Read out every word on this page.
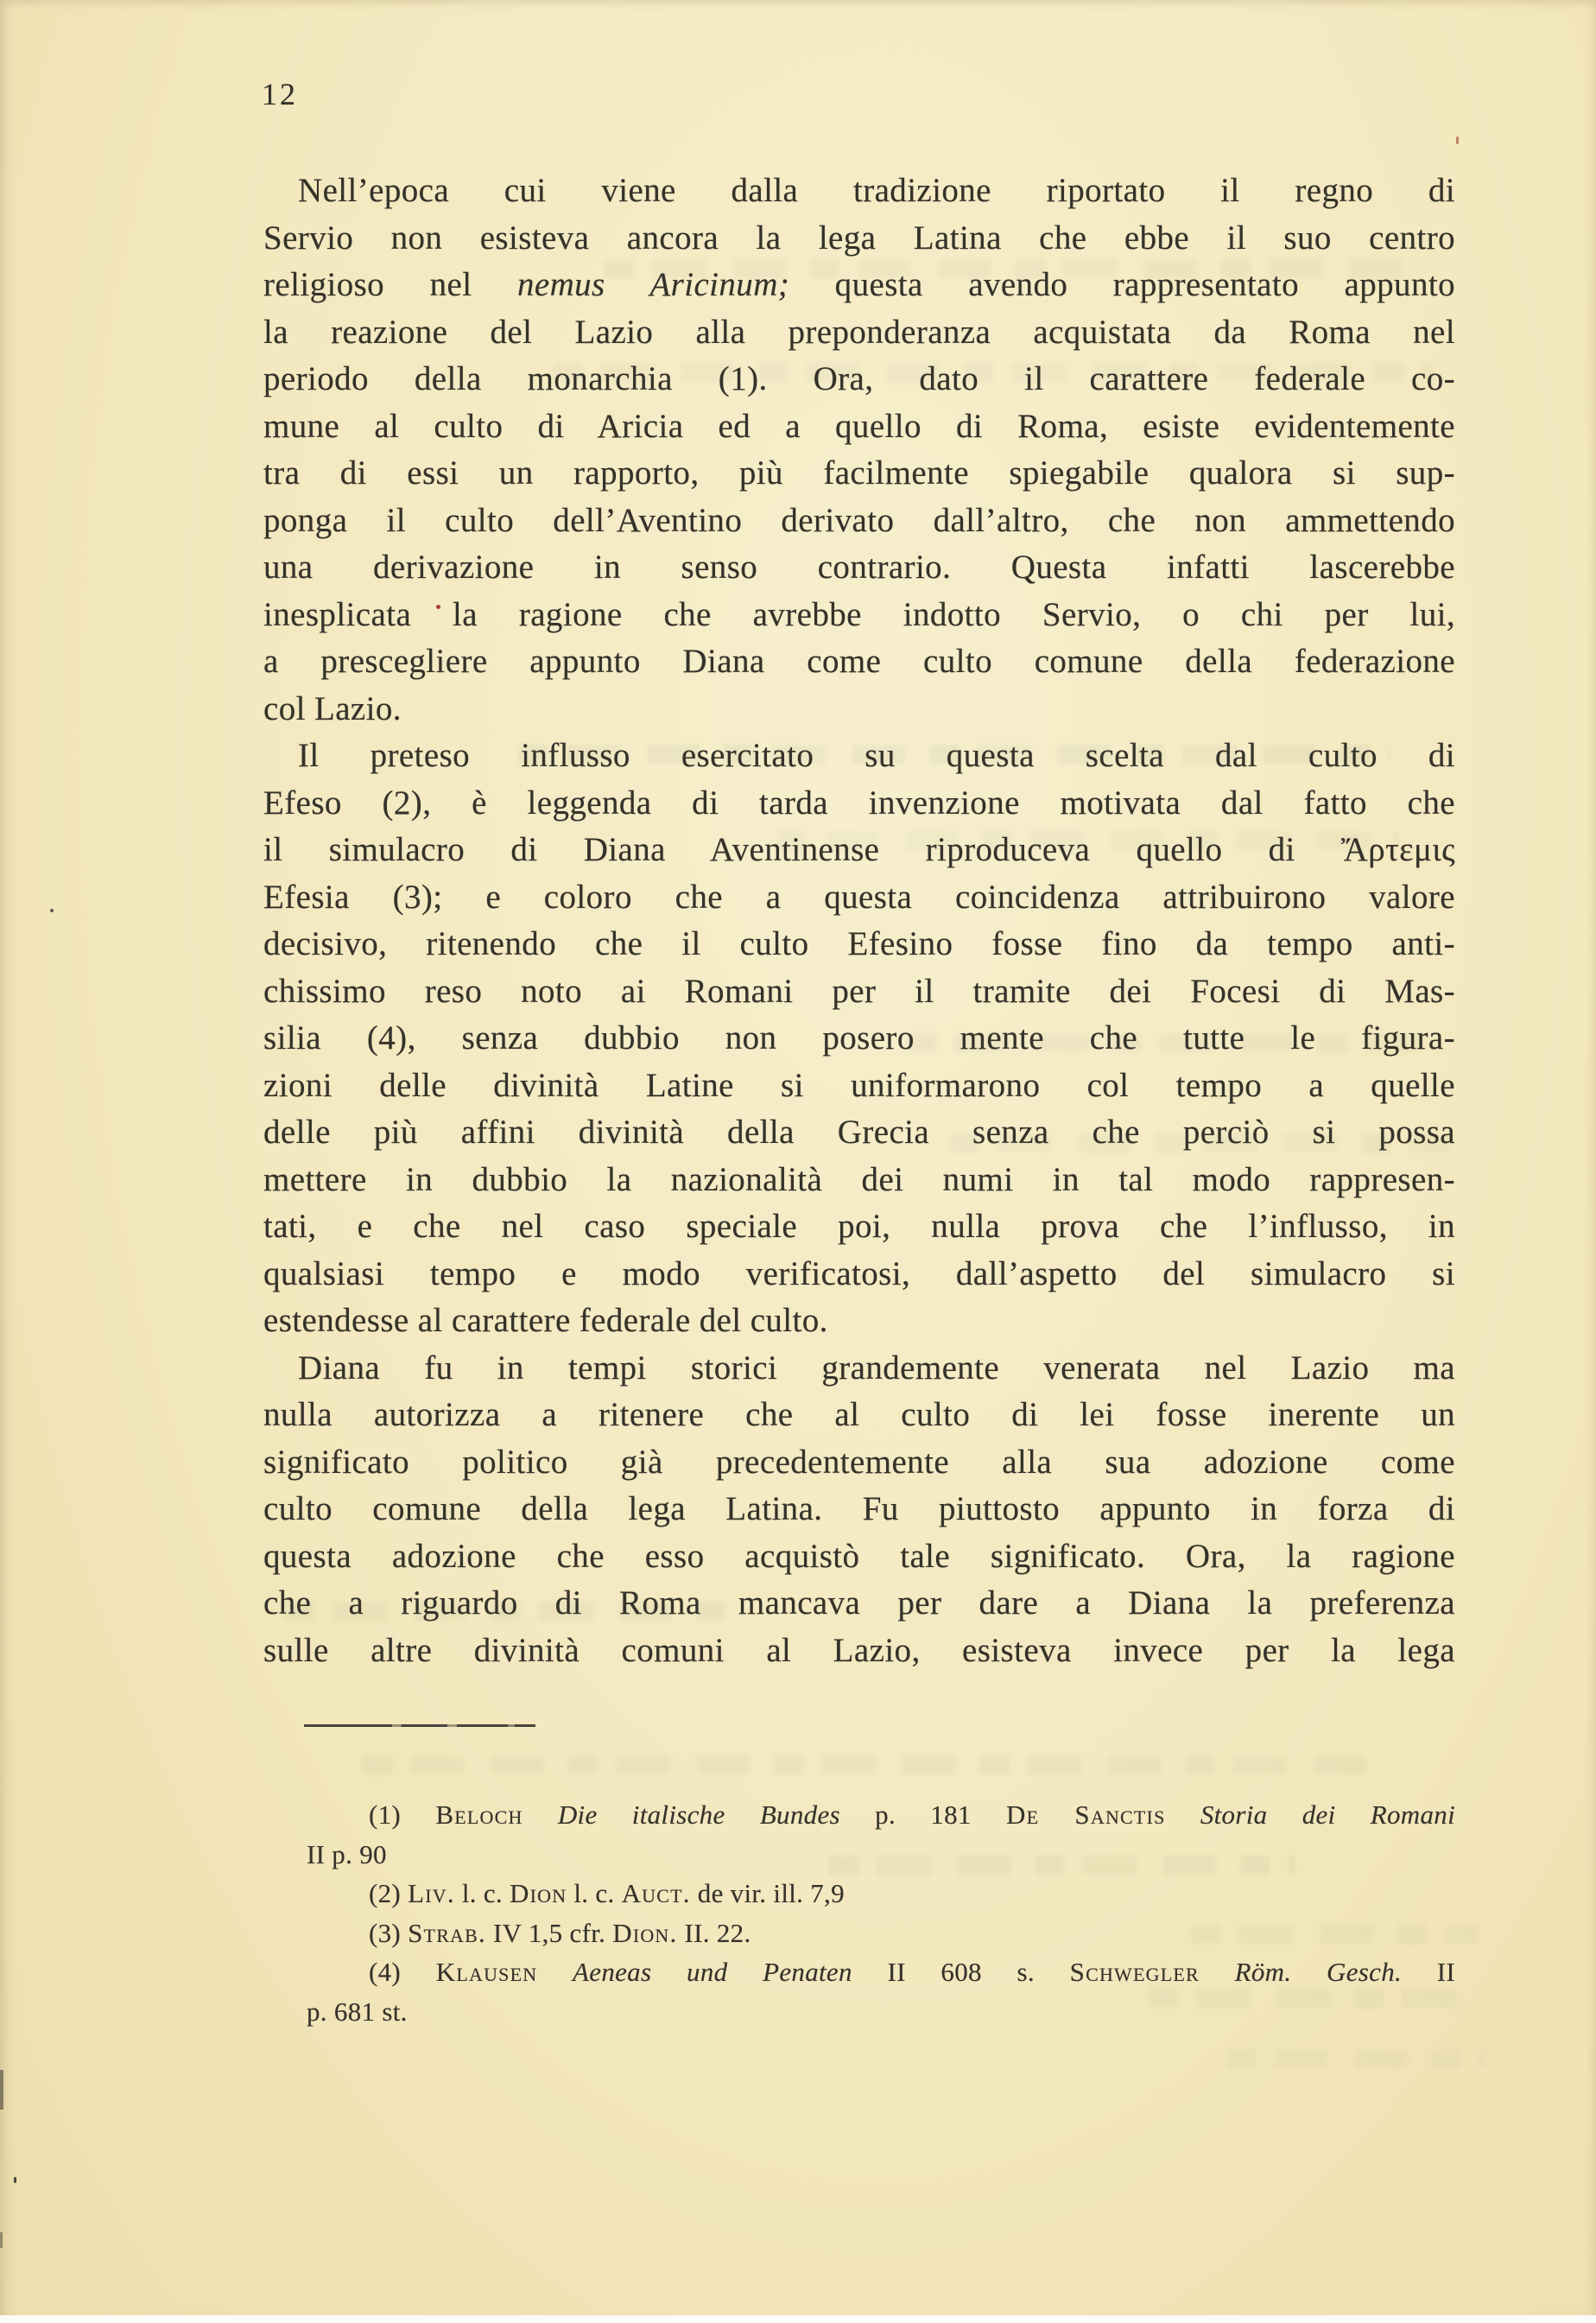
12
Nell’epoca cui viene dalla tradizione riportato il regno di
Servio non esisteva ancora la lega Latina che ebbe il suo centro
religioso nel nemus Aricinum; questa avendo rappresentato appunto
la reazione del Lazio alla preponderanza acquistata da Roma nel
periodo della monarchia (1). Ora, dato il carattere federale co-
mune al culto di Aricia ed a quello di Roma, esiste evidentemente
tra di essi un rapporto, più facilmente spiegabile qualora si sup-
ponga il culto dell’Aventino derivato dall’altro, che non ammettendo
una derivazione in senso contrario. Questa infatti lascerebbe
inesplicata la ragione che avrebbe indotto Servio, o chi per lui,
a prescegliere appunto Diana come culto comune della federazione
col Lazio.
Il preteso influsso esercitato su questa scelta dal culto di
Efeso (2), è leggenda di tarda invenzione motivata dal fatto che
il simulacro di Diana Aventinense riproduceva quello di Ἄρτεμις
Efesia (3); e coloro che a questa coincidenza attribuirono valore
decisivo, ritenendo che il culto Efesino fosse fino da tempo anti-
chissimo reso noto ai Romani per il tramite dei Focesi di Mas-
silia (4), senza dubbio non posero mente che tutte le figura-
zioni delle divinità Latine si uniformarono col tempo a quelle
delle più affini divinità della Grecia senza che perciò si possa
mettere in dubbio la nazionalità dei numi in tal modo rappresen-
tati, e che nel caso speciale poi, nulla prova che l’influsso, in
qualsiasi tempo e modo verificatosi, dall’aspetto del simulacro si
estendesse al carattere federale del culto.
Diana fu in tempi storici grandemente venerata nel Lazio ma
nulla autorizza a ritenere che al culto di lei fosse inerente un
significato politico già precedentemente alla sua adozione come
culto comune della lega Latina. Fu piuttosto appunto in forza di
questa adozione che esso acquistò tale significato. Ora, la ragione
che a riguardo di Roma mancava per dare a Diana la preferenza
sulle altre divinità comuni al Lazio, esisteva invece per la lega
(1) Beloch Die italische Bundes p. 181 De Sanctis Storia dei Romani
II p. 90
(2) Liv. l. c. Dion l. c. Auct. de vir. ill. 7,9
(3) Strab. IV 1,5 cfr. Dion. II. 22.
(4) Klausen Aeneas und Penaten II 608 s. Schwegler Röm. Gesch. II
p. 681 st.
